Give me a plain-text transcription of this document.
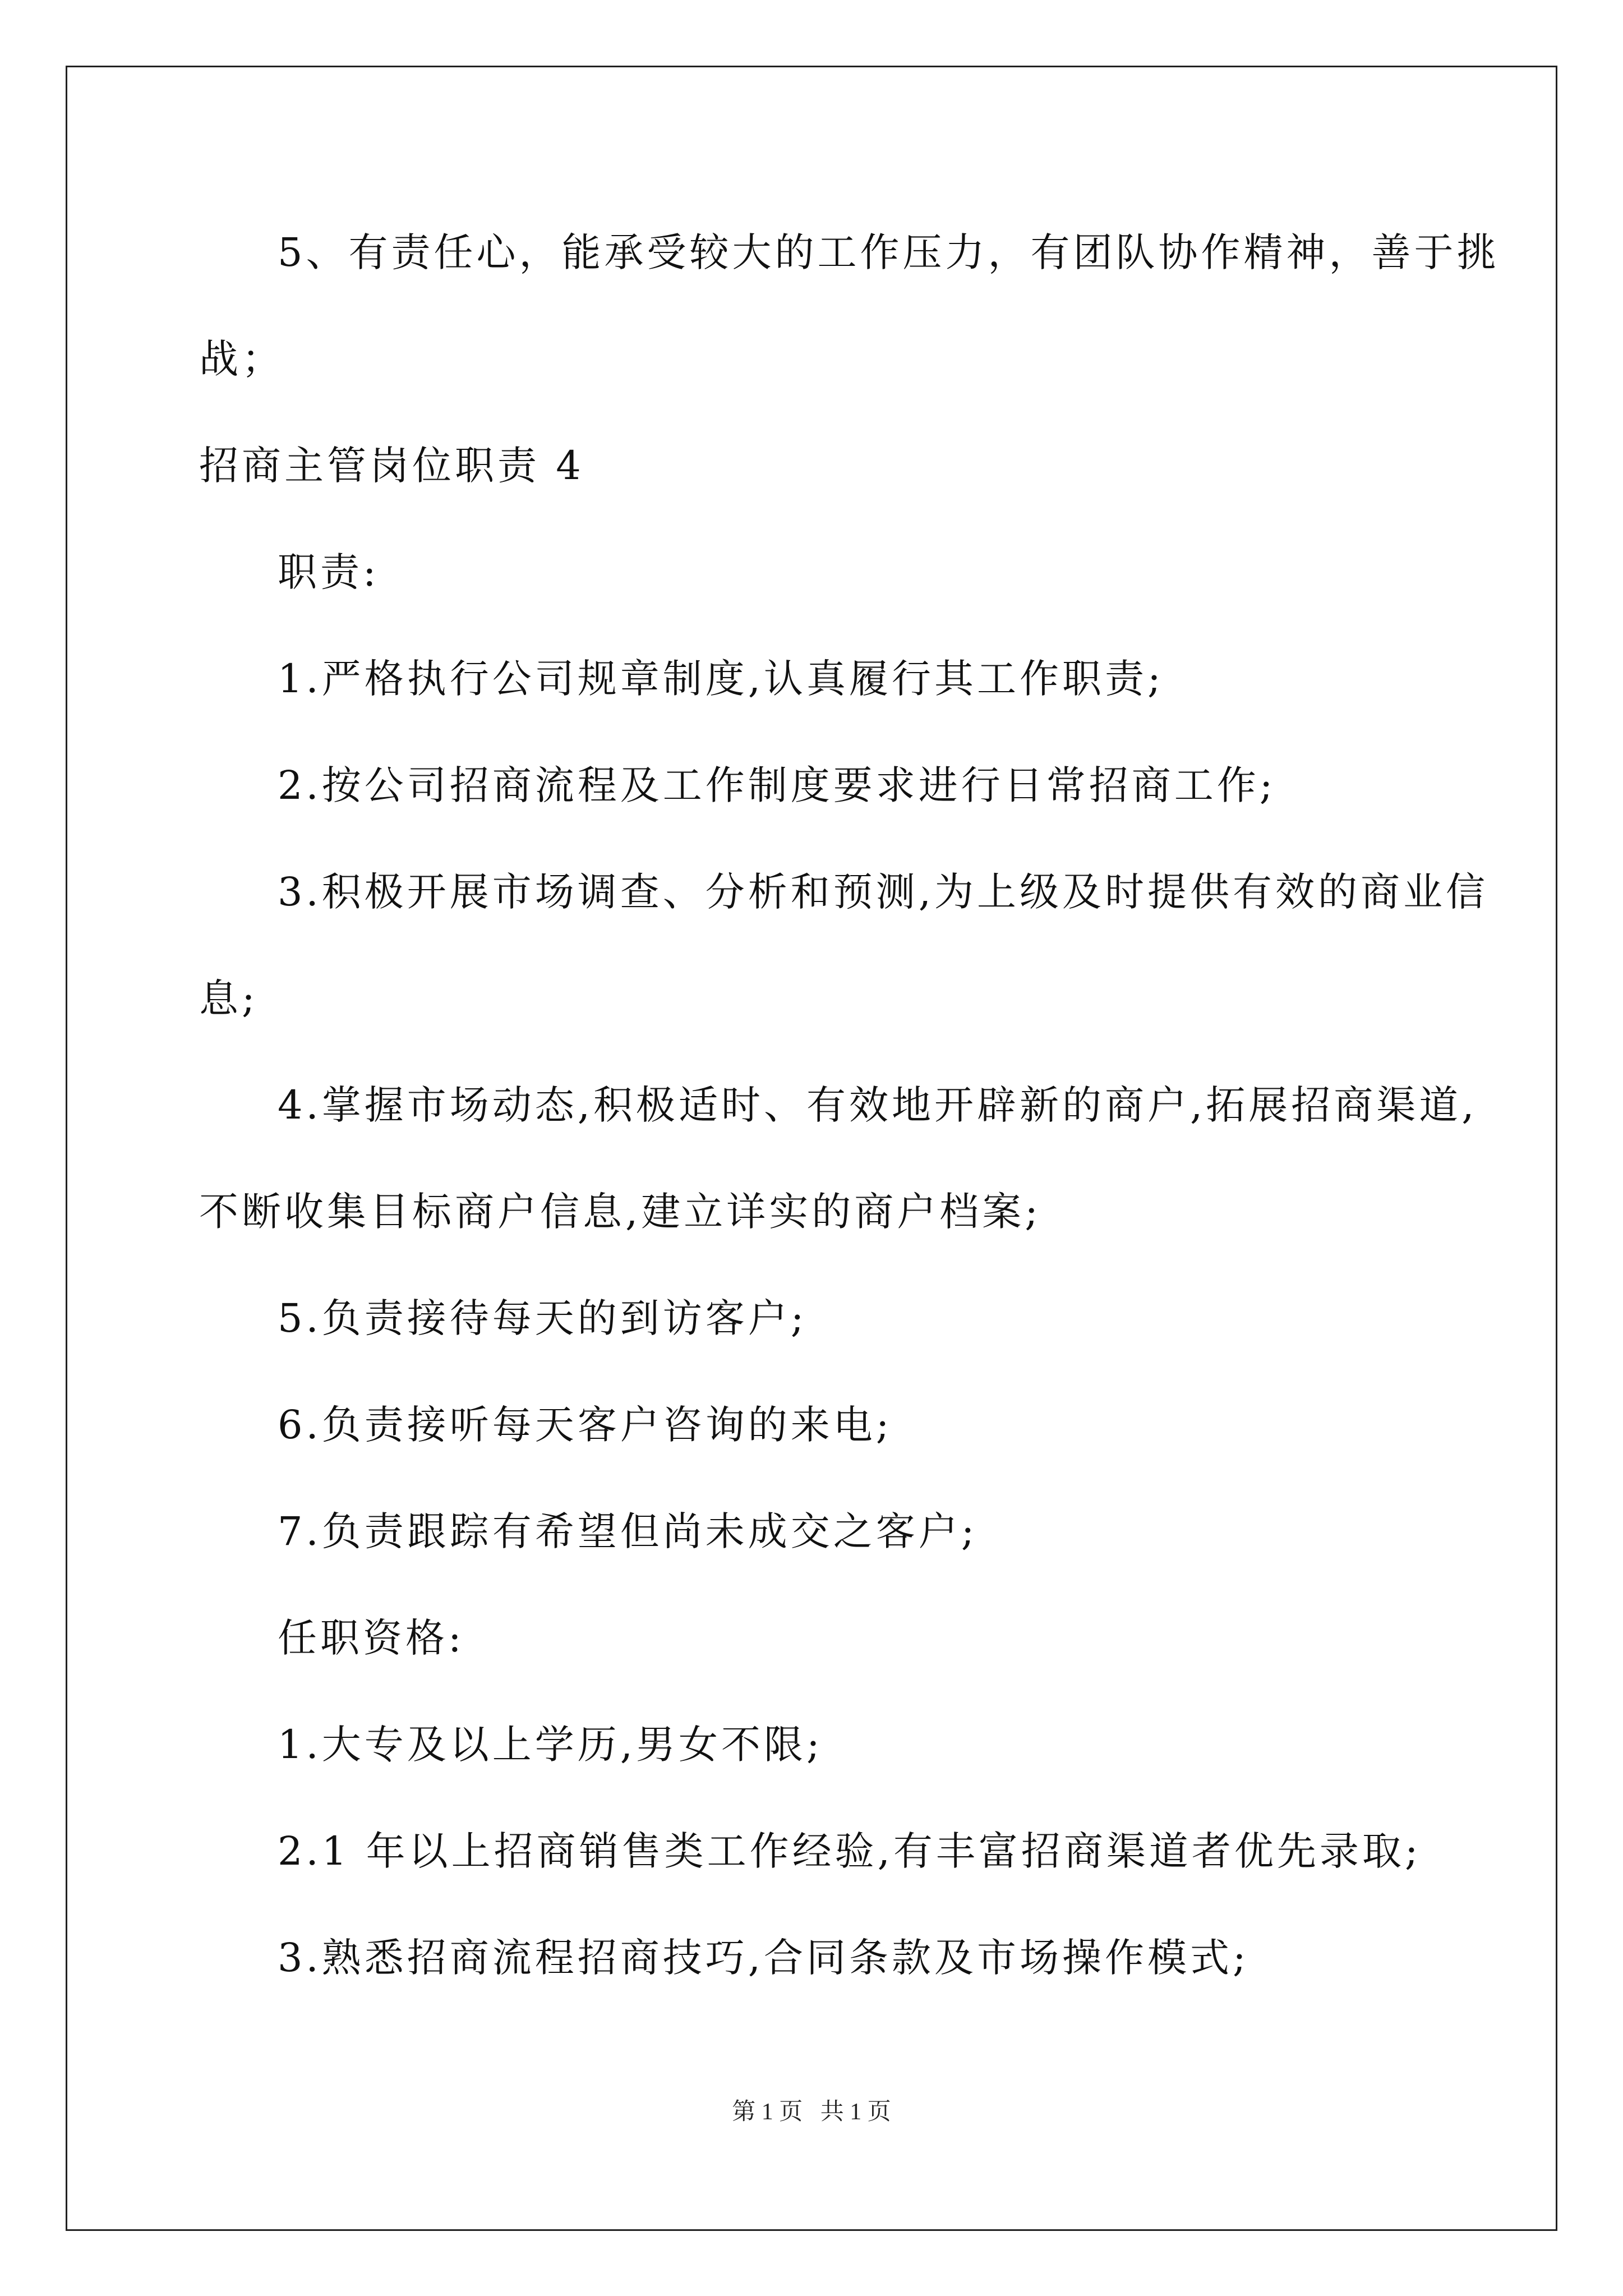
5、有责任心，能承受较大的工作压力，有团队协作精神，善于挑
战；
招商主管岗位职责 4
职责:
1.严格执行公司规章制度,认真履行其工作职责;
2.按公司招商流程及工作制度要求进行日常招商工作;
3.积极开展市场调查、分析和预测,为上级及时提供有效的商业信
息;
4.掌握市场动态,积极适时、有效地开辟新的商户,拓展招商渠道,
不断收集目标商户信息,建立详实的商户档案;
5.负责接待每天的到访客户;
6.负责接听每天客户咨询的来电;
7.负责跟踪有希望但尚未成交之客户;
任职资格:
1.大专及以上学历,男女不限;
2.1 年以上招商销售类工作经验,有丰富招商渠道者优先录取;
3.熟悉招商流程招商技巧,合同条款及市场操作模式;
第 1 页   共 1 页
